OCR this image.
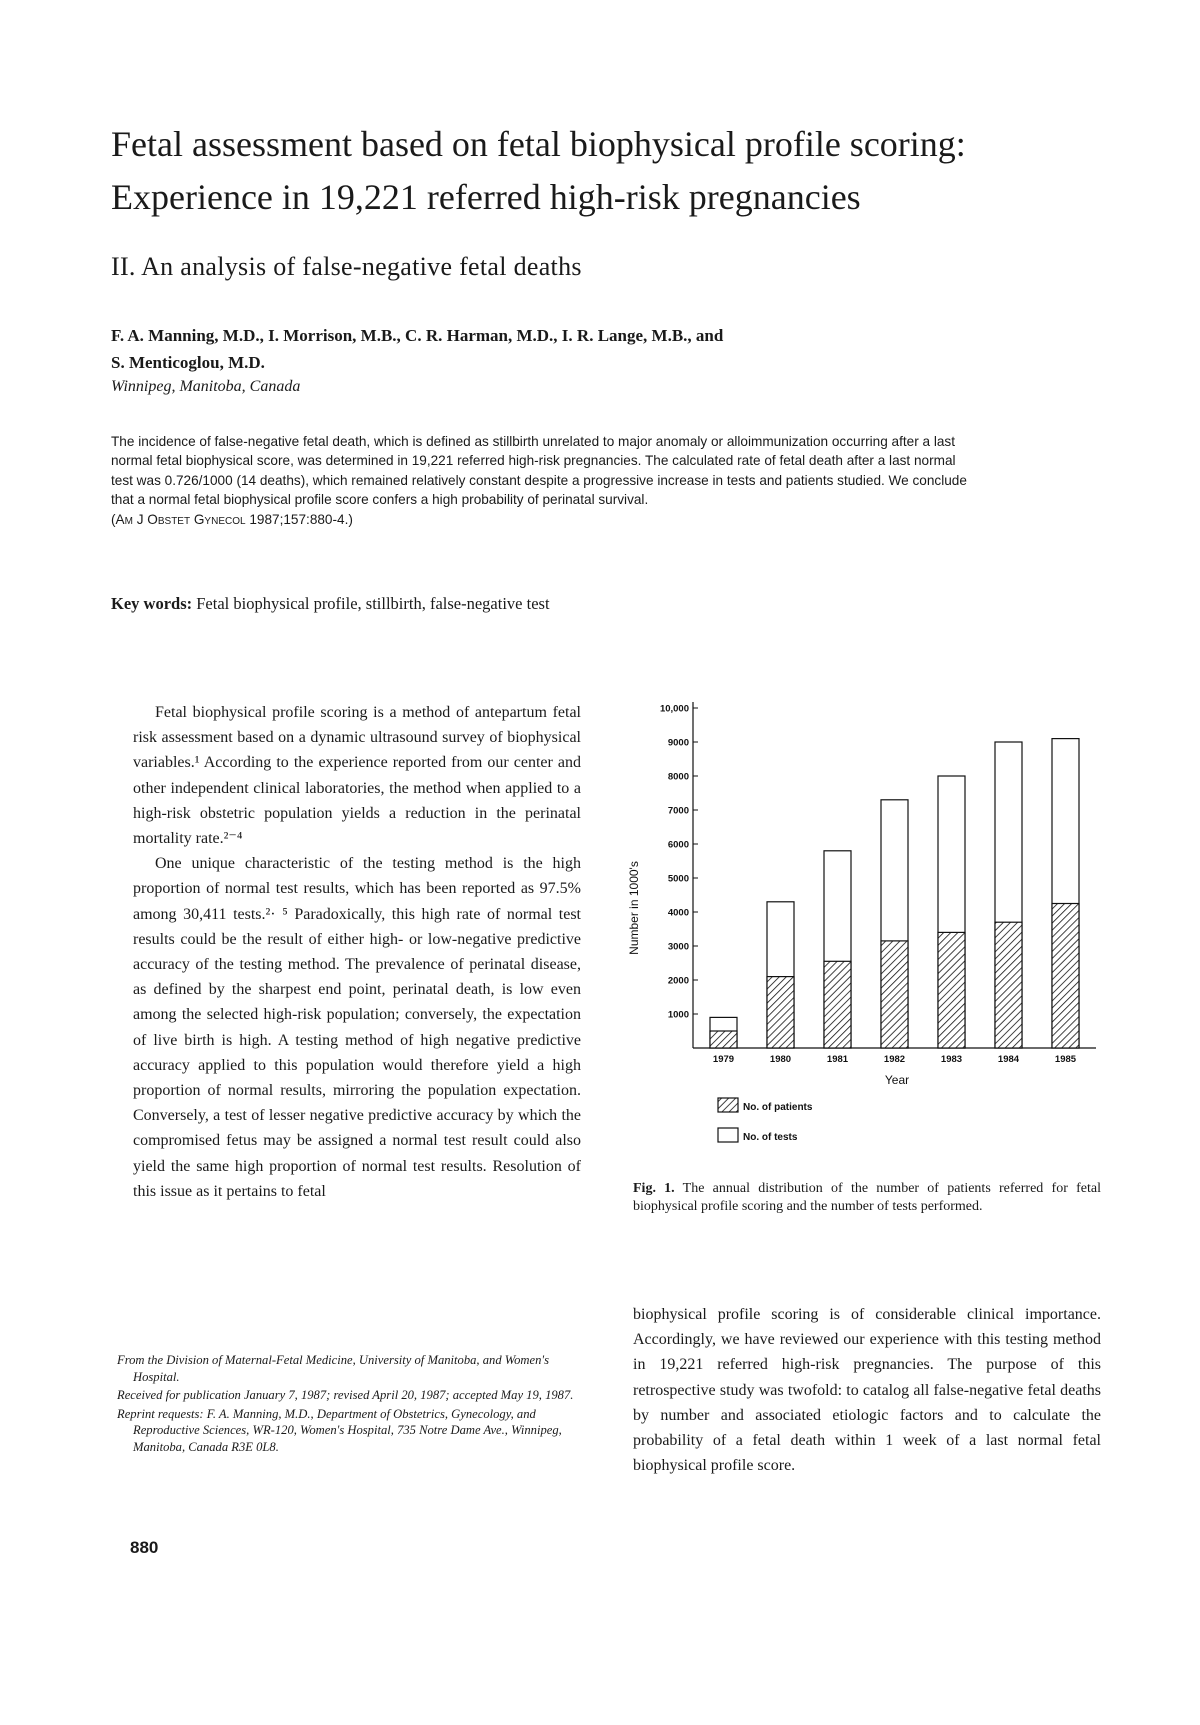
Fetal assessment based on fetal biophysical profile scoring:
Experience in 19,221 referred high-risk pregnancies
II. An analysis of false-negative fetal deaths
F. A. Manning, M.D., I. Morrison, M.B., C. R. Harman, M.D., I. R. Lange, M.B., and
S. Menticoglou, M.D.
Winnipeg, Manitoba, Canada

The incidence of false-negative fetal death, which is defined as stillbirth unrelated to major anomaly or alloimmunization occurring after a last normal fetal biophysical score, was determined in 19,221 referred high-risk pregnancies. The calculated rate of fetal death after a last normal test was 0.726/1000 (14 deaths), which remained relatively constant despite a progressive increase in tests and patients studied. We conclude that a normal fetal biophysical profile score confers a high probability of perinatal survival.
(Am J Obstet Gynecol 1987;157:880-4.)

Key words: Fetal biophysical profile, stillbirth, false-negative test

Fetal biophysical profile scoring is a method of antepartum fetal risk assessment based on a dynamic ultrasound survey of biophysical variables.¹ According to the experience reported from our center and other independent clinical laboratories, the method when applied to a high-risk obstetric population yields a reduction in the perinatal mortality rate.²⁻⁴

One unique characteristic of the testing method is the high proportion of normal test results, which has been reported as 97.5% among 30,411 tests.²· ⁵ Paradoxically, this high rate of normal test results could be the result of either high- or low-negative predictive accuracy of the testing method. The prevalence of perinatal disease, as defined by the sharpest end point, perinatal death, is low even among the selected high-risk population; conversely, the expectation of live birth is high. A testing method of high negative predictive accuracy applied to this population would therefore yield a high proportion of normal results, mirroring the population expectation. Conversely, a test of lesser negative predictive accuracy by which the compromised fetus may be assigned a normal test result could also yield the same high proportion of normal test results. Resolution of this issue as it pertains to fetal

biophysical profile scoring is of considerable clinical importance. Accordingly, we have reviewed our experience with this testing method in 19,221 referred high-risk pregnancies. The purpose of this retrospective study was twofold: to catalog all false-negative fetal deaths by number and associated etiologic factors and to calculate the probability of a fetal death within 1 week of a last normal fetal biophysical profile score.

From the Division of Maternal-Fetal Medicine, University of Manitoba, and Women's Hospital.

Received for publication January 7, 1987; revised April 20, 1987; accepted May 19, 1987.

Reprint requests: F. A. Manning, M.D., Department of Obstetrics, Gynecology, and Reproductive Sciences, WR-120, Women's Hospital, 735 Notre Dame Ave., Winnipeg, Manitoba, Canada R3E 0L8.

880
1000
2000
3000
4000
5000
6000
7000
8000
9000
10,000
Number in 1000's
1979	1980	1981	1982	1983	1984	1985
Year
No. of patients
No. of tests

Fig. 1. The annual distribution of the number of patients referred for fetal biophysical profile scoring and the number of tests performed.
